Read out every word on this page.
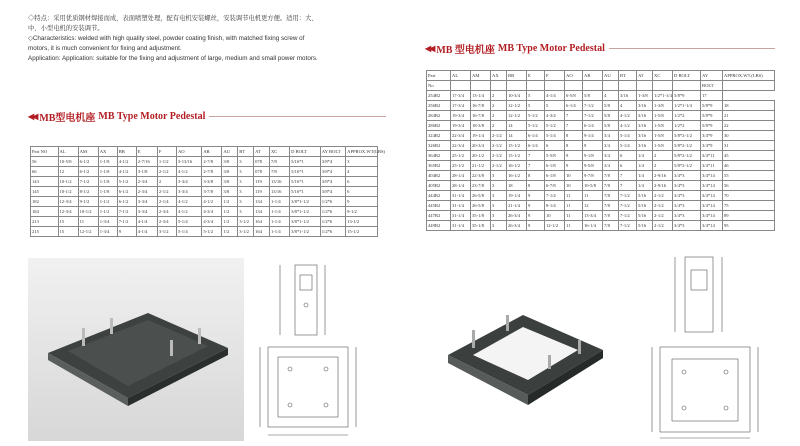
◇特点：采用优质钢材焊接而成，表面喷塑处理，配有电机安装螺丝，安装调节电机更方便。适用：大、

中、小型电机的安装调节。

◇Characteristics: welded with high quality steel, powder coating finish, with matched fixing screw of

motors, it is much convenient for fixing and adjustment.

Application: Application: suitable for the fixing and adjustment of large, medium and small power motors.

◀◀ MB型电机座 MB Type Motor Pedestal
Part NO	AL	AM	AX	BB	E	F	AO	AR	AU	BT	AT	XC	D BOLT	AY BOLT	APPROX.WT(LBS)
56	10-5/8	6-1/2	1-1/8	4-1/2	2-7/16	1-1/2	3-13/16	2-7/8	3/8	3	078	7/8	5/16*1	3/8*4	3
66	12	6-1/2	1-1/8	4-1/2	3-1/8	2-1/2	4-1/2	2-7/8	3/8	3	078	7/8	5/16*1	3/8*4	4
143	10-1/2	7-1/2	1-1/8	5-1/2	2-3/4	2	3-3/4	3-3/8	3/8	3	119	13/16	5/16*1	3/8*4	6
145	10-1/2	8-1/2	1-1/8	6-1/2	2-3/4	2-1/2	3-3/4	3-7/8	3/8	3	119	13/16	5/16*1	3/8*4	6
182	12-3/4	9-1/2	1-1/2	6-1/2	3-3/4	2-1/4	4-1/2	4-1/2	1/2	3	134	1-1/4	3/8*1-1/2	1/2*6	9
184	12-3/4	10-1/2	1-1/2	7-1/2	3-3/4	2-3/4	4-1/2	4-3/4	1/2	3	134	1-1/4	3/8*1-1/2	1/2*6	9-1/2
213	15	11	1-3/4	7-1/2	4-1/4	2-3/4	5-1/4	4-3/4	1/2	3-1/2	164	1-1/4	3/8*1-1/2	1/2*6	13-1/2
215	15	12-1/2	1-3/4	9	4-1/4	3-1/2	5-1/4	5-1/2	1/2	3-1/2	164	1-1/4	3/8*1-1/2	1/2*6	15-1/2
◀◀ MB 型电机座 MB Type Motor Pedestal
Part	AL	AM	AX	BB	E	F	AO	AR	AU	BT	AT	XC	D BOLT	AY	APPROX.WT.(LBS)
No														BOLT	
254B2	17-3/4	13-1/4	2	10-3/4	5	4-1/4	6-5/8	5/8	4	3/16	1-3/8	1/2*1-1/4	5/8*9	17	
256B2	17-3/4	16-7/8	2	12-1/2	5	5	6-1/4	7-1/2	5/8	4	3/16	1-3/8	1/2*1-1/4	5/8*9	18
284B2	19-3/4	16-7/8	2	12-1/2	5-1/2	4-3/4	7	7-1/2	5/8	4-1/2	3/16	1-5/8	1/2*2	5/8*9	21
286B2	19-3/4	18-3/8	2	14	5-1/2	5-1/2	7	6-1/4	5/8	4-1/2	3/16	1-5/8	1/2*2	5/8*9	22
324B2	22-3/4	19-1/4	2-1/2	14	6-1/4	5-1/4	8	9-1/4	3/4	5-1/4	3/16	1-5/8	5/8*2-1/2	3/4*9	30
326B2	22-3/4	20-3/4	2-1/2	15-1/2	6-1/4	6	8	9	3/4	5-1/4	3/16	1-5/8	5/8*2-1/2	3/4*9	31
364B2	25-1/2	20-1/2	2-1/2	15-1/2	7	5-5/8	9	9-1/8	3/4	6	1/4	2	5/8*2-1/2	3/4*11	45
365B2	25-1/2	21-1/2	2-1/2	16-1/2	7	6-1/8	9	9-5/8	3/4	6	1/4	2	5/8*2-1/2	3/4*11	46
404B2	28-1/4	22-3/8	3	16-1/2	8	6-1/8	10	9-7/8	7/8	7	1/4	2-9/16	3/4*3	3/4*14	55
405B2	28-1/4	23-7/8	3	18	8	6-7/8	10	10-5/8	7/8	7	1/4	2-9/16	3/4*3	3/4*14	56
444B2	31-1/4	26-5/8	3	19-1/4	9	7-1/4	11	11	7/8	7-1/2	5/16	2-1/2	3/4*3	3/4*14	70
445B2	31-1/4	26-5/8	3	21-1/4	9	8-1/4	11	12	7/8	7-1/2	5/16	2-1/2	3/4*3	3/4*14	75
447B2	31-1/4	35-1/8	3	26-3/4	9	10	11	13-3/4	7/8	7-1/2	5/16	2-1/2	3/4*3	3/4*14	89
449B2	31-1/4	35-1/8	3	26-3/4	9	12-1/2	11	16-1/4	7/8	7-1/2	5/16	2-1/2	3/4*3	3/4*14	95
